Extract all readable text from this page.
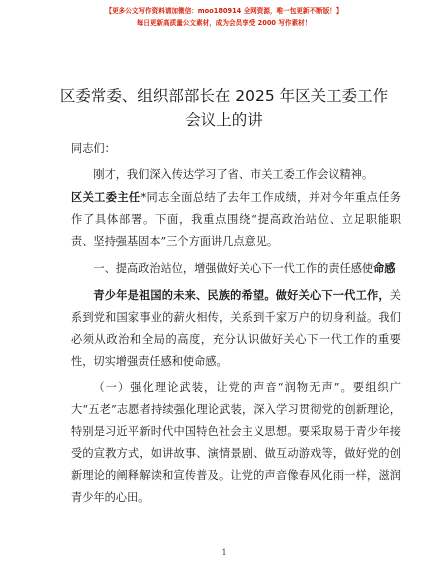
【更多公文写作资料请加微信：moo180914 全网资源，唯一包更新不断版！】
每日更新高质量公文素材，成为会员享受 2000 写作素材！
区委常委、组织部部长在 2025 年区关工委工作
会议上的讲

同志们：

刚才，我们深入传达学习了省、市关工委工作会议精神。

区关工委主任*同志全面总结了去年工作成绩，并对今年重点任务作了具体部署。下面，我重点围绕“提高政治站位、立足职能职责、坚持强基固本”三个方面讲几点意见。

一、提高政治站位，增强做好关心下一代工作的责任感使命感

青少年是祖国的未来、民族的希望。做好关心下一代工作，关系到党和国家事业的薪火相传，关系到千家万户的切身利益。我们必须从政治和全局的高度，充分认识做好关心下一代工作的重要性，切实增强责任感和使命感。

（一）强化理论武装，让党的声音“润物无声”。要组织广大“五老”志愿者持续强化理论武装，深入学习贯彻党的创新理论，特别是习近平新时代中国特色社会主义思想。要采取易于青少年接受的宣教方式，如讲故事、演情景剧、做互动游戏等，做好党的创新理论的阐释解读和宣传普及。让党的声音像春风化雨一样，滋润青少年的心田。

1
